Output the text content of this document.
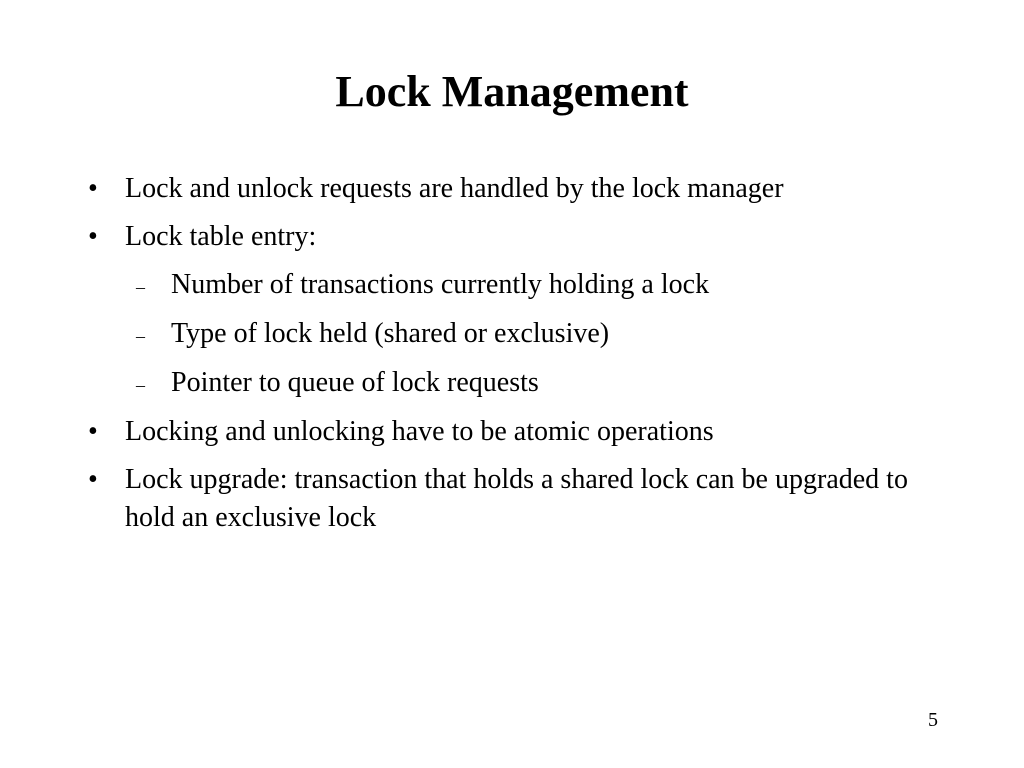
Lock Management
• Lock and unlock requests are handled by the lock manager
• Lock table entry:
– Number of transactions currently holding a lock
– Type of lock held (shared or exclusive)
– Pointer to queue of lock requests
• Locking and unlocking have to be atomic operations
• Lock upgrade: transaction that holds a shared lock can be upgraded to hold an exclusive lock
5
